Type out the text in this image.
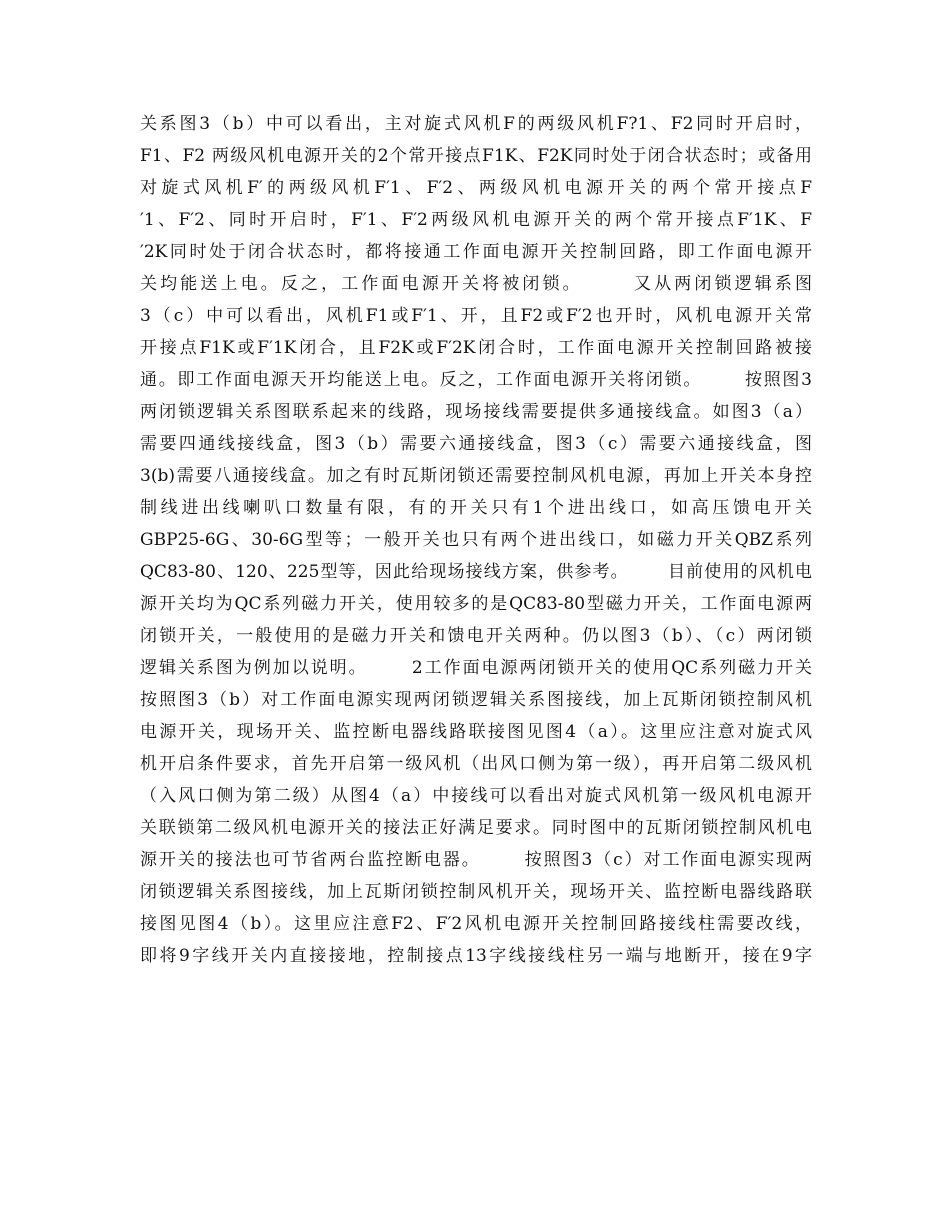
关系图3（b）中可以看出，主对旋式风机F的两级风机F?1、F2同时开启时，
F1、F2 两级风机电源开关的2个常开接点F1K、F2K同时处于闭合状态时；或备用
对旋式风机F′的两级风机F′1、F′2、两级风机电源开关的两个常开接点F
′1、F′2、同时开启时，F′1、F′2两级风机电源开关的两个常开接点F′1K、F
′2K同时处于闭合状态时，都将接通工作面电源开关控制回路，即工作面电源开
关均能送上电。反之，工作面电源开关将被闭锁。      又从两闭锁逻辑系图
3（c）中可以看出，风机F1或F′1、开，且F2或F′2也开时，风机电源开关常
开接点F1K或F′1K闭合，且F2K或F′2K闭合时，工作面电源开关控制回路被接
通。即工作面电源天开均能送上电。反之，工作面电源开关将闭锁。      按照图3
两闭锁逻辑关系图联系起来的线路，现场接线需要提供多通接线盒。如图3（a）
需要四通线接线盒，图3（b）需要六通接线盒，图3（c）需要六通接线盒，图
3(b)需要八通接线盒。加之有时瓦斯闭锁还需要控制风机电源，再加上开关本身控
制线进出线喇叭口数量有限，有的开关只有1个进出线口，如高压馈电开关
GBP25-6G、30-6G型等；一般开关也只有两个进出线口，如磁力开关QBZ系列
QC83-80、120、225型等，因此给现场接线方案，供参考。      目前使用的风机电
源开关均为QC系列磁力开关，使用较多的是QC83-80型磁力开关，工作面电源两
闭锁开关，一般使用的是磁力开关和馈电开关两种。仍以图3（b）、（c）两闭锁
逻辑关系图为例加以说明。      2工作面电源两闭锁开关的使用QC系列磁力开关
按照图3（b）对工作面电源实现两闭锁逻辑关系图接线，加上瓦斯闭锁控制风机
电源开关，现场开关、监控断电器线路联接图见图4（a）。这里应注意对旋式风
机开启条件要求，首先开启第一级风机（出风口侧为第一级），再开启第二级风机
（入风口侧为第二级）从图4（a）中接线可以看出对旋式风机第一级风机电源开
关联锁第二级风机电源开关的接法正好满足要求。同时图中的瓦斯闭锁控制风机电
源开关的接法也可节省两台监控断电器。      按照图3（c）对工作面电源实现两
闭锁逻辑关系图接线，加上瓦斯闭锁控制风机开关，现场开关、监控断电器线路联
接图见图4（b）。这里应注意F2、F′2风机电源开关控制回路接线柱需要改线，
即将9字线开关内直接接地，控制接点13字线接线柱另一端与地断开，接在9字
